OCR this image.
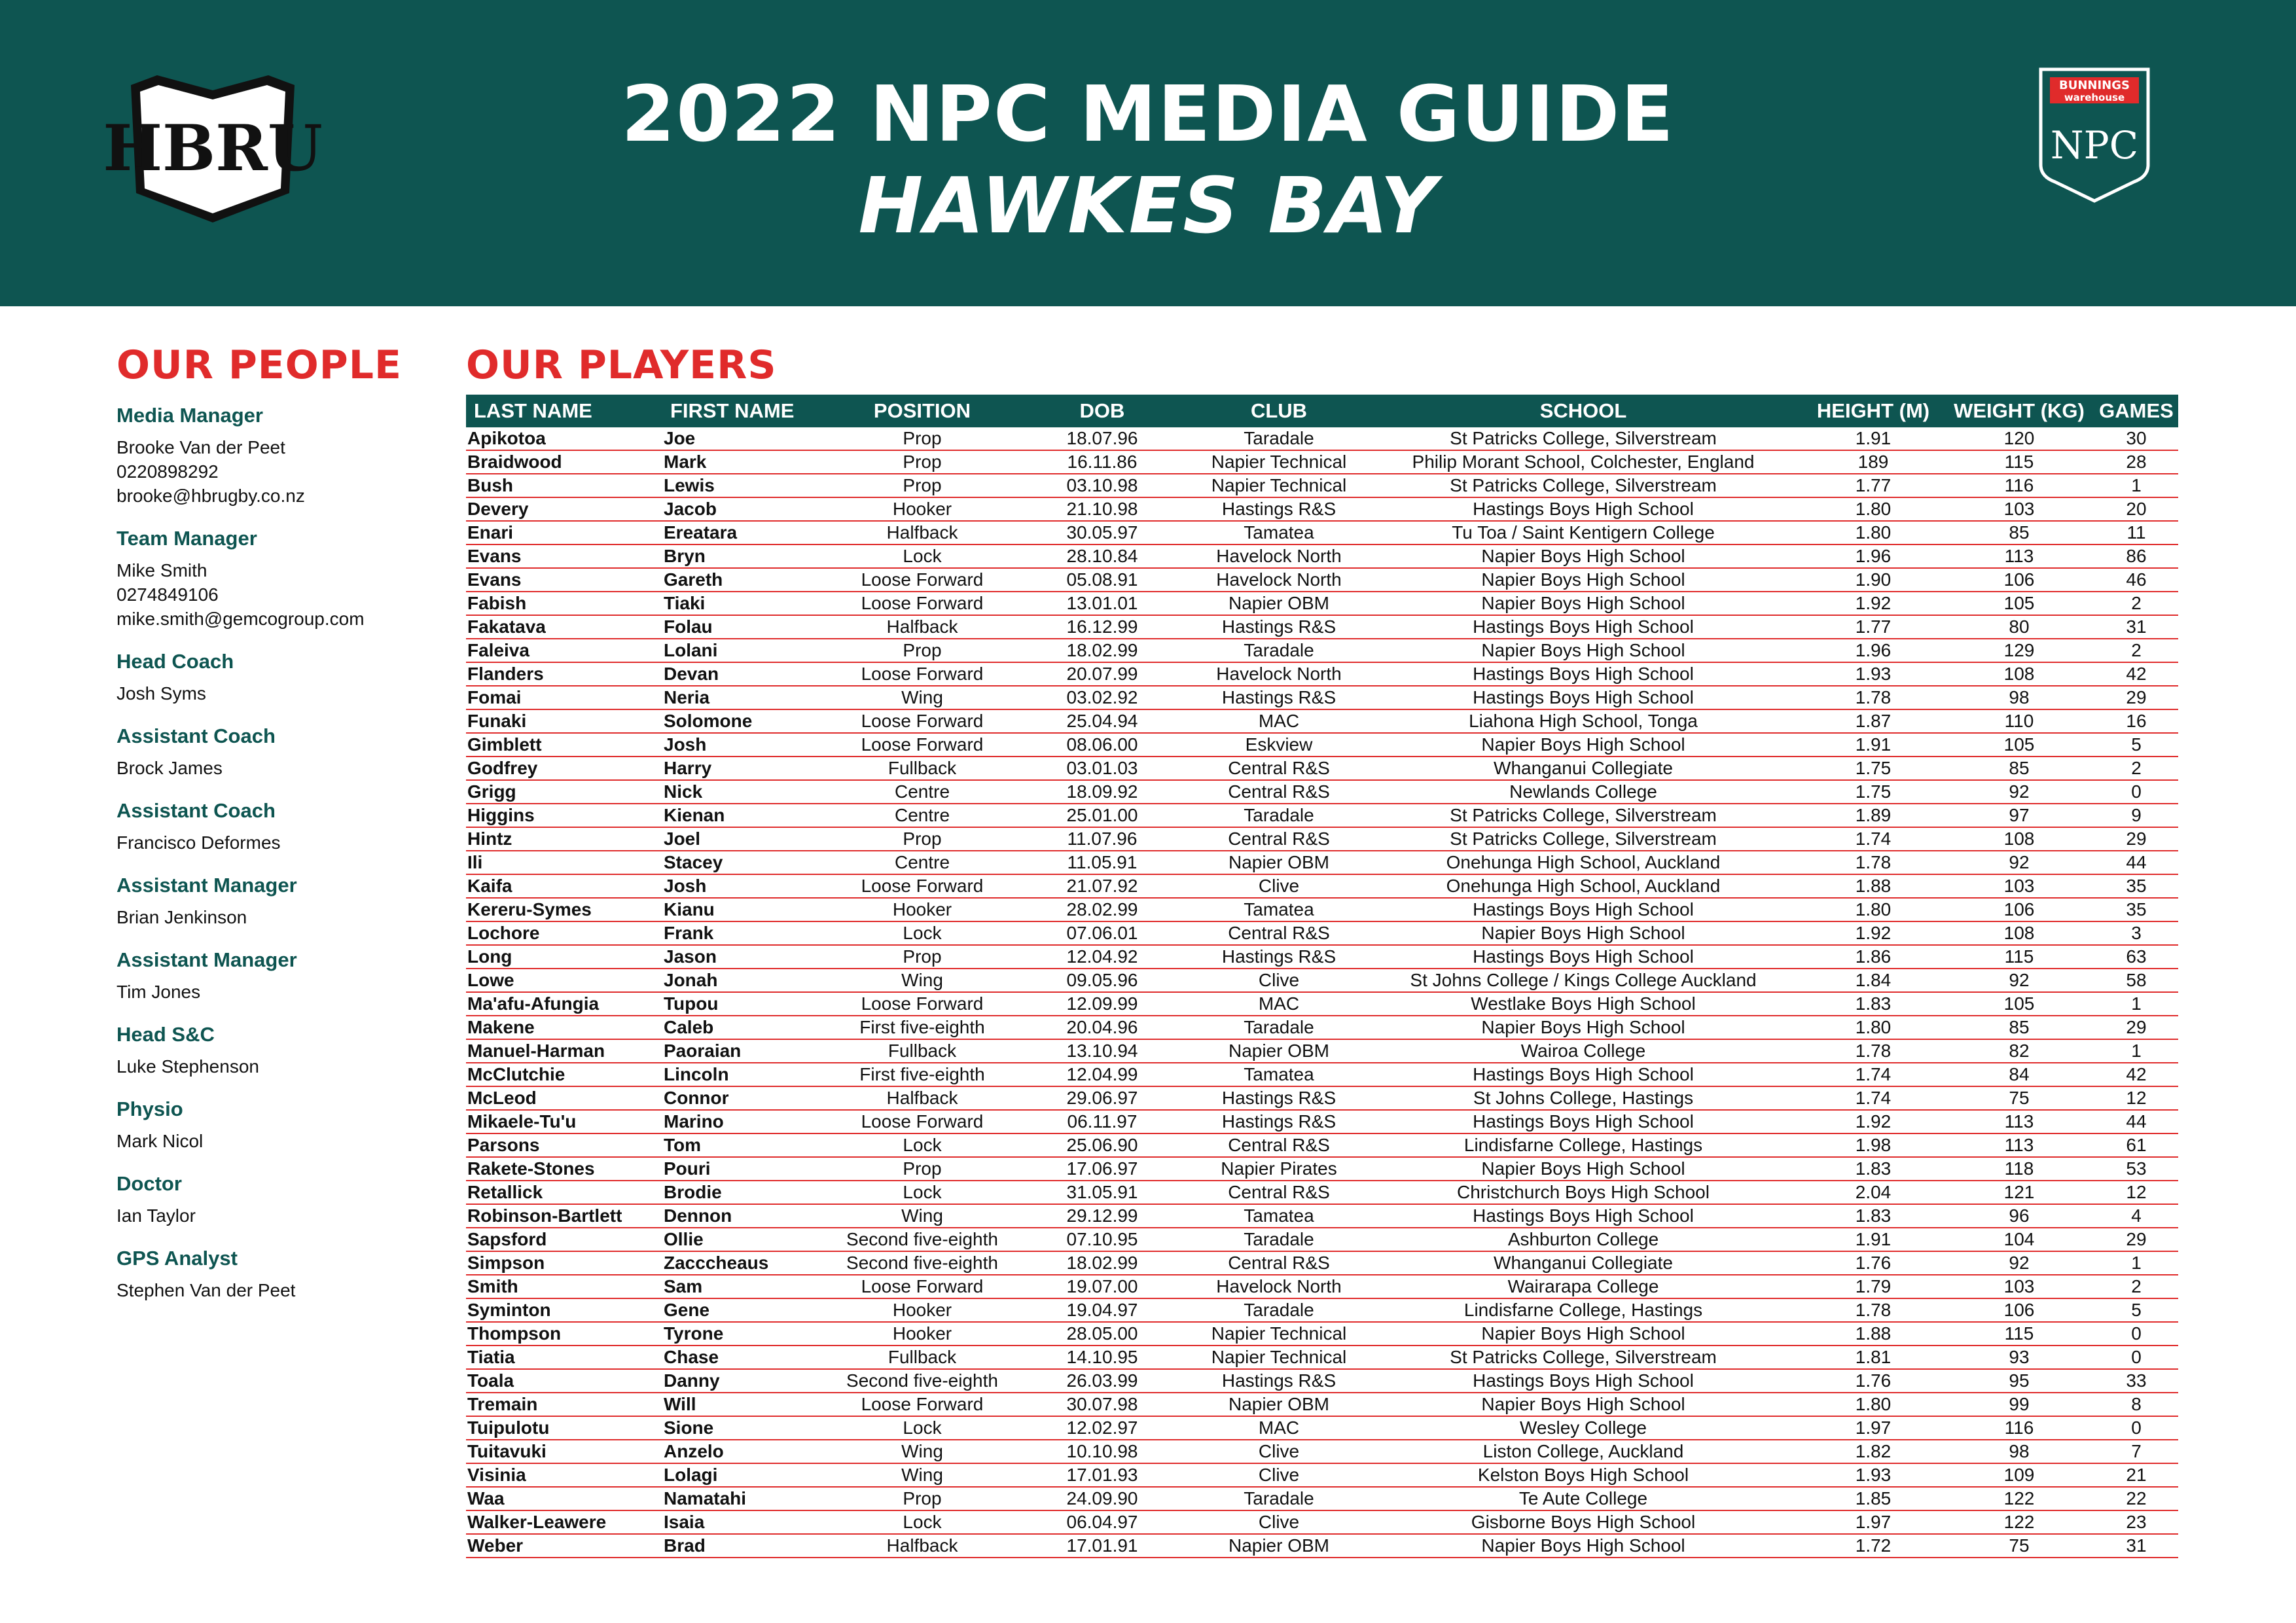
HBRU	2022 NPC MEDIA GUIDE
HAWKES BAY
BUNNINGS
warehouse
NPC
OUR PEOPLE
Media Manager
Brooke Van der Peet
0220898292
brooke@hbrugby.co.nz
Team Manager
Mike Smith
0274849106
mike.smith@gemcogroup.com
Head Coach
Josh Syms
Assistant Coach
Brock James
Assistant Coach
Francisco Deformes
Assistant Manager
Brian Jenkinson
Assistant Manager
Tim Jones
Head S&C
Luke Stephenson
Physio
Mark Nicol
Doctor
Ian Taylor
GPS Analyst
Stephen Van der Peet
OUR PLAYERS
LAST NAME	FIRST NAME	POSITION	DOB	CLUB	SCHOOL	HEIGHT (M)	WEIGHT (KG) GAMES
Apikotoa	Joe	Prop	18.07.96	Taradale	St Patricks College, Silverstream	1.91	120	30
Braidwood	Mark	Prop	16.11.86	Napier Technical	Philip Morant School, Colchester, England	189	115	28
Bush	Lewis	Prop	03.10.98	Napier Technical	St Patricks College, Silverstream	1.77	116	1
Devery	Jacob	Hooker	21.10.98	Hastings R&S	Hastings Boys High School	1.80	103	20
Enari	Ereatara	Halfback	30.05.97	Tamatea	Tu Toa / Saint Kentigern College	1.80	85	11
Evans	Bryn	Lock	28.10.84	Havelock North	Napier Boys High School	1.96	113	86
Evans	Gareth	Loose Forward	05.08.91	Havelock North	Napier Boys High School	1.90	106	46
Fabish	Tiaki	Loose Forward	13.01.01	Napier OBM	Napier Boys High School	1.92	105	2
Fakatava	Folau	Halfback	16.12.99	Hastings R&S	Hastings Boys High School	1.77	80	31
Faleiva	Lolani	Prop	18.02.99	Taradale	Napier Boys High School	1.96	129	2
Flanders	Devan	Loose Forward	20.07.99	Havelock North	Hastings Boys High School	1.93	108	42
Fomai	Neria	Wing	03.02.92	Hastings R&S	Hastings Boys High School	1.78	98	29
Funaki	Solomone	Loose Forward	25.04.94	MAC	Liahona High School, Tonga	1.87	110	16
Gimblett	Josh	Loose Forward	08.06.00	Eskview	Napier Boys High School	1.91	105	5
Godfrey	Harry	Fullback	03.01.03	Central R&S	Whanganui Collegiate	1.75	85	2
Grigg	Nick	Centre	18.09.92	Central R&S	Newlands College	1.75	92	0
Higgins	Kienan	Centre	25.01.00	Taradale	St Patricks College, Silverstream	1.89	97	9
Hintz	Joel	Prop	11.07.96	Central R&S	St Patricks College, Silverstream	1.74	108	29
Ili	Stacey	Centre	11.05.91	Napier OBM	Onehunga High School, Auckland	1.78	92	44
Kaifa	Josh	Loose Forward	21.07.92	Clive	Onehunga High School, Auckland	1.88	103	35
Kereru-Symes	Kianu	Hooker	28.02.99	Tamatea	Hastings Boys High School	1.80	106	35
Lochore	Frank	Lock	07.06.01	Central R&S	Napier Boys High School	1.92	108	3
Long	Jason	Prop	12.04.92	Hastings R&S	Hastings Boys High School	1.86	115	63
Lowe	Jonah	Wing	09.05.96	Clive	St Johns College / Kings College Auckland	1.84	92	58
Ma'afu-Afungia	Tupou	Loose Forward	12.09.99	MAC	Westlake Boys High School	1.83	105	1
Makene	Caleb	First five-eighth	20.04.96	Taradale	Napier Boys High School	1.80	85	29
Manuel-Harman	Paoraian	Fullback	13.10.94	Napier OBM	Wairoa College	1.78	82	1
McClutchie	Lincoln	First five-eighth	12.04.99	Tamatea	Hastings Boys High School	1.74	84	42
McLeod	Connor	Halfback	29.06.97	Hastings R&S	St Johns College, Hastings	1.74	75	12
Mikaele-Tu'u	Marino	Loose Forward	06.11.97	Hastings R&S	Hastings Boys High School	1.92	113	44
Parsons	Tom	Lock	25.06.90	Central R&S	Lindisfarne College, Hastings	1.98	113	61
Rakete-Stones	Pouri	Prop	17.06.97	Napier Pirates	Napier Boys High School	1.83	118	53
Retallick	Brodie	Lock	31.05.91	Central R&S	Christchurch Boys High School	2.04	121	12
Robinson-Bartlett	Dennon	Wing	29.12.99	Tamatea	Hastings Boys High School	1.83	96	4
Sapsford	Ollie	Second five-eighth	07.10.95	Taradale	Ashburton College	1.91	104	29
Simpson	Zacccheaus	Second five-eighth	18.02.99	Central R&S	Whanganui Collegiate	1.76	92	1
Smith	Sam	Loose Forward	19.07.00	Havelock North	Wairarapa College	1.79	103	2
Syminton	Gene	Hooker	19.04.97	Taradale	Lindisfarne College, Hastings	1.78	106	5
Thompson	Tyrone	Hooker	28.05.00	Napier Technical	Napier Boys High School	1.88	115	0
Tiatia	Chase	Fullback	14.10.95	Napier Technical	St Patricks College, Silverstream	1.81	93	0
Toala	Danny	Second five-eighth	26.03.99	Hastings R&S	Hastings Boys High School	1.76	95	33
Tremain	Will	Loose Forward	30.07.98	Napier OBM	Napier Boys High School	1.80	99	8
Tuipulotu	Sione	Lock	12.02.97	MAC	Wesley College	1.97	116	0
Tuitavuki	Anzelo	Wing	10.10.98	Clive	Liston College, Auckland	1.82	98	7
Visinia	Lolagi	Wing	17.01.93	Clive	Kelston Boys High School	1.93	109	21
Waa	Namatahi	Prop	24.09.90	Taradale	Te Aute College	1.85	122	22
Walker-Leawere	Isaia	Lock	06.04.97	Clive	Gisborne Boys High School	1.97	122	23
Weber	Brad	Halfback	17.01.91	Napier OBM	Napier Boys High School	1.72	75	31
